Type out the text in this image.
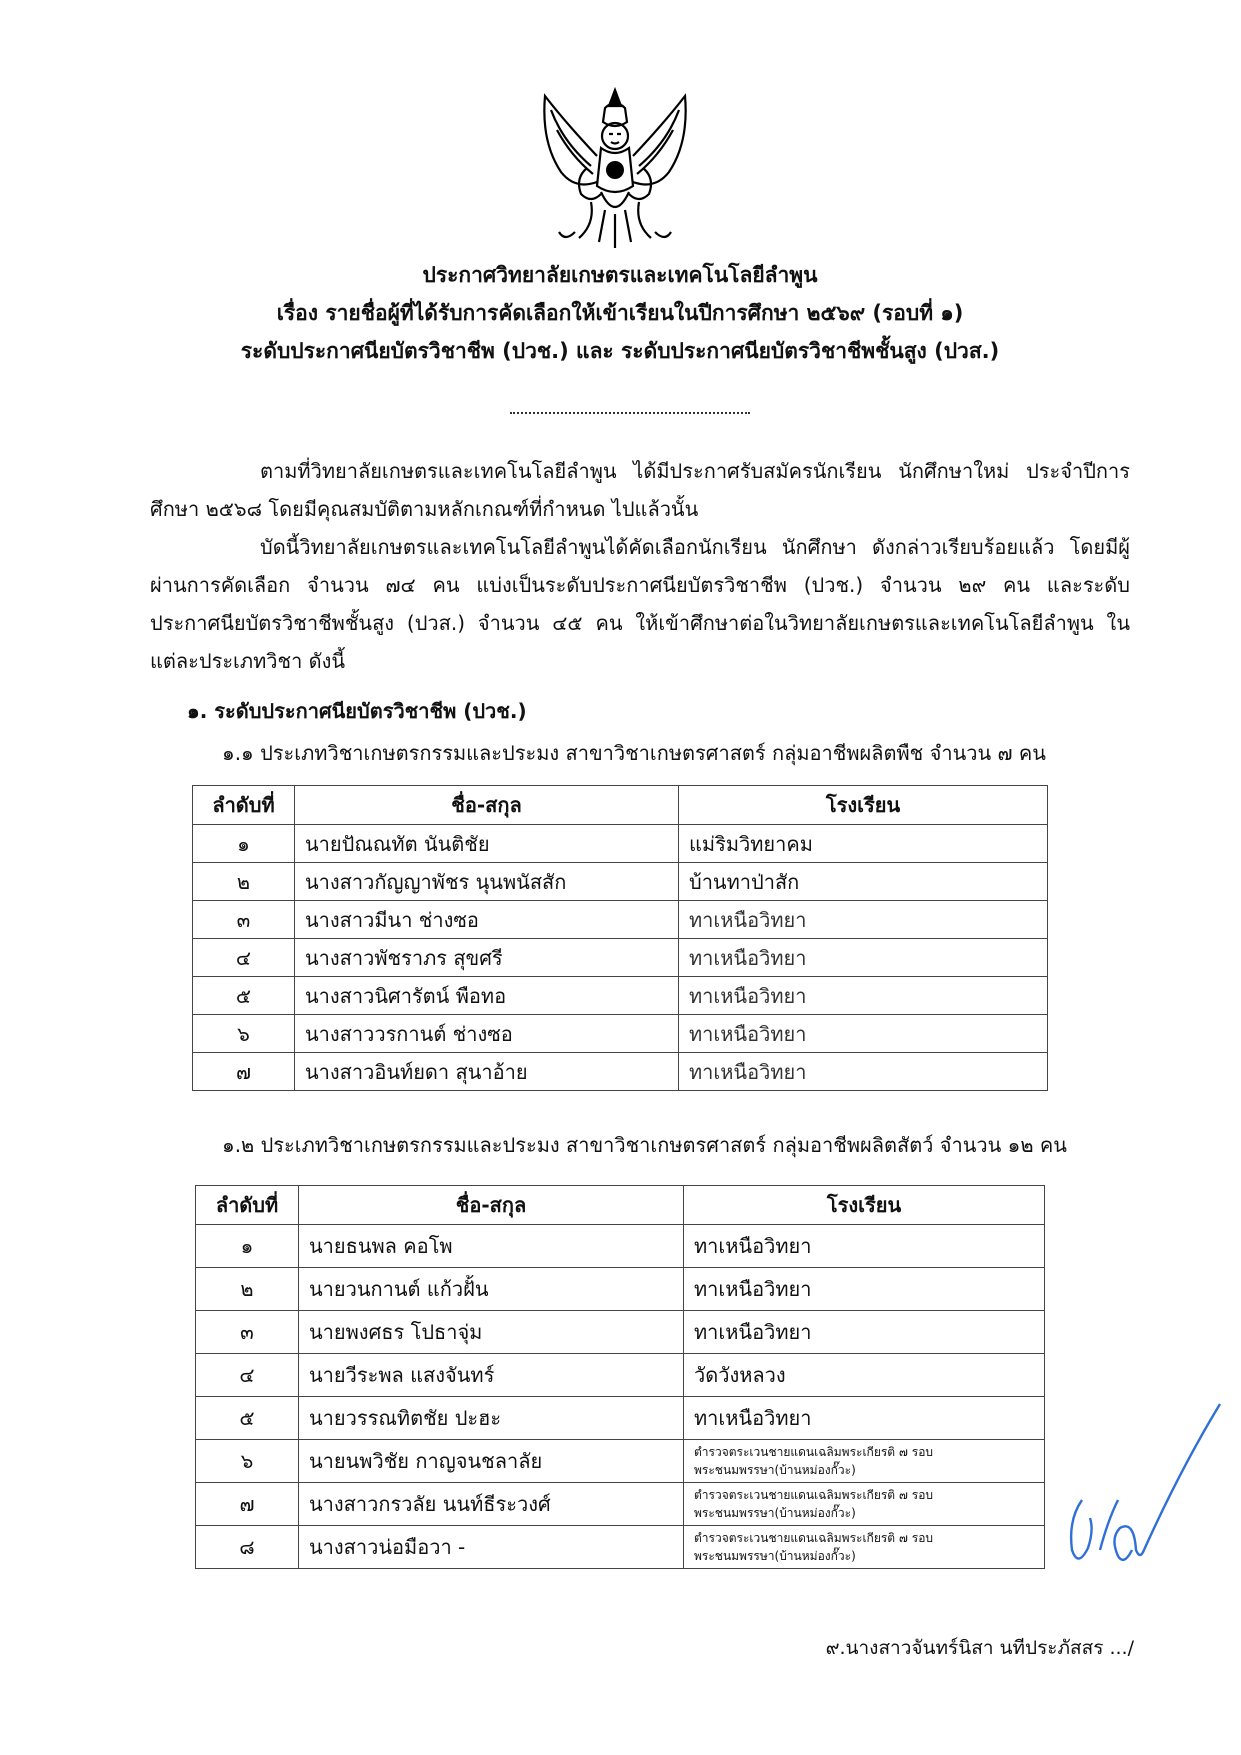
ประกาศวิทยาลัยเกษตรและเทคโนโลยีลำพูน
เรื่อง รายชื่อผู้ที่ได้รับการคัดเลือกให้เข้าเรียนในปีการศึกษา ๒๕๖๙ (รอบที่ ๑)
ระดับประกาศนียบัตรวิชาชีพ (ปวช.) และ ระดับประกาศนียบัตรวิชาชีพชั้นสูง (ปวส.)
ตามที่วิทยาลัยเกษตรและเทคโนโลยีลำพูน ได้มีประกาศรับสมัครนักเรียน นักศึกษาใหม่ ประจำปีการศึกษา ๒๕๖๘ โดยมีคุณสมบัติตามหลักเกณฑ์ที่กำหนด ไปแล้วนั้น
บัดนี้วิทยาลัยเกษตรและเทคโนโลยีลำพูนได้คัดเลือกนักเรียน นักศึกษา ดังกล่าวเรียบร้อยแล้ว โดยมีผู้ผ่านการคัดเลือก จำนวน ๗๔ คน แบ่งเป็นระดับประกาศนียบัตรวิชาชีพ (ปวช.) จำนวน ๒๙ คน และระดับประกาศนียบัตรวิชาชีพชั้นสูง (ปวส.) จำนวน ๔๕ คน ให้เข้าศึกษาต่อในวิทยาลัยเกษตรและเทคโนโลยีลำพูน ในแต่ละประเภทวิชา ดังนี้
๑. ระดับประกาศนียบัตรวิชาชีพ (ปวช.)
๑.๑ ประเภทวิชาเกษตรกรรมและประมง สาขาวิชาเกษตรศาสตร์ กลุ่มอาชีพผลิตพืช จำนวน ๗ คน
ลำดับที่	ชื่อ-สกุล	โรงเรียน
๑	นายปัณณทัต นันติชัย	แม่ริมวิทยาคม
๒	นางสาวกัญญาพัชร นุนพนัสสัก	บ้านทาป่าสัก
๓	นางสาวมีนา ช่างซอ	ทาเหนือวิทยา
๔	นางสาวพัชราภร สุขศรี	ทาเหนือวิทยา
๕	นางสาวนิศารัตน์ พือทอ	ทาเหนือวิทยา
๖	นางสาววรกานต์ ช่างซอ	ทาเหนือวิทยา
๗	นางสาวอินท์ยดา สุนาอ้าย	ทาเหนือวิทยา
๑.๒ ประเภทวิชาเกษตรกรรมและประมง สาขาวิชาเกษตรศาสตร์ กลุ่มอาชีพผลิตสัตว์ จำนวน ๑๒ คน
ลำดับที่	ชื่อ-สกุล	โรงเรียน
๑	นายธนพล คอโพ	ทาเหนือวิทยา
๒	นายวนกานต์ แก้วฝั้น	ทาเหนือวิทยา
๓	นายพงศธร โปธาจุ่ม	ทาเหนือวิทยา
๔	นายวีระพล แสงจันทร์	วัดวังหลวง
๕	นายวรรณทิตชัย ปะฮะ	ทาเหนือวิทยา
๖	นายนพวิชัย กาญจนชลาลัย	ตำรวจตระเวนชายแดนเฉลิมพระเกียรติ ๗ รอบ พระชนมพรรษา(บ้านหม่องกั๊วะ)
๗	นางสาวกรวลัย นนท์ธีระวงศ์	ตำรวจตระเวนชายแดนเฉลิมพระเกียรติ ๗ รอบ พระชนมพรรษา(บ้านหม่องกั๊วะ)
๘	นางสาวน่อมือวา -	ตำรวจตระเวนชายแดนเฉลิมพระเกียรติ ๗ รอบ พระชนมพรรษา(บ้านหม่องกั๊วะ)
๙.นางสาวจันทร์นิสา นทีประภัสสร .../
